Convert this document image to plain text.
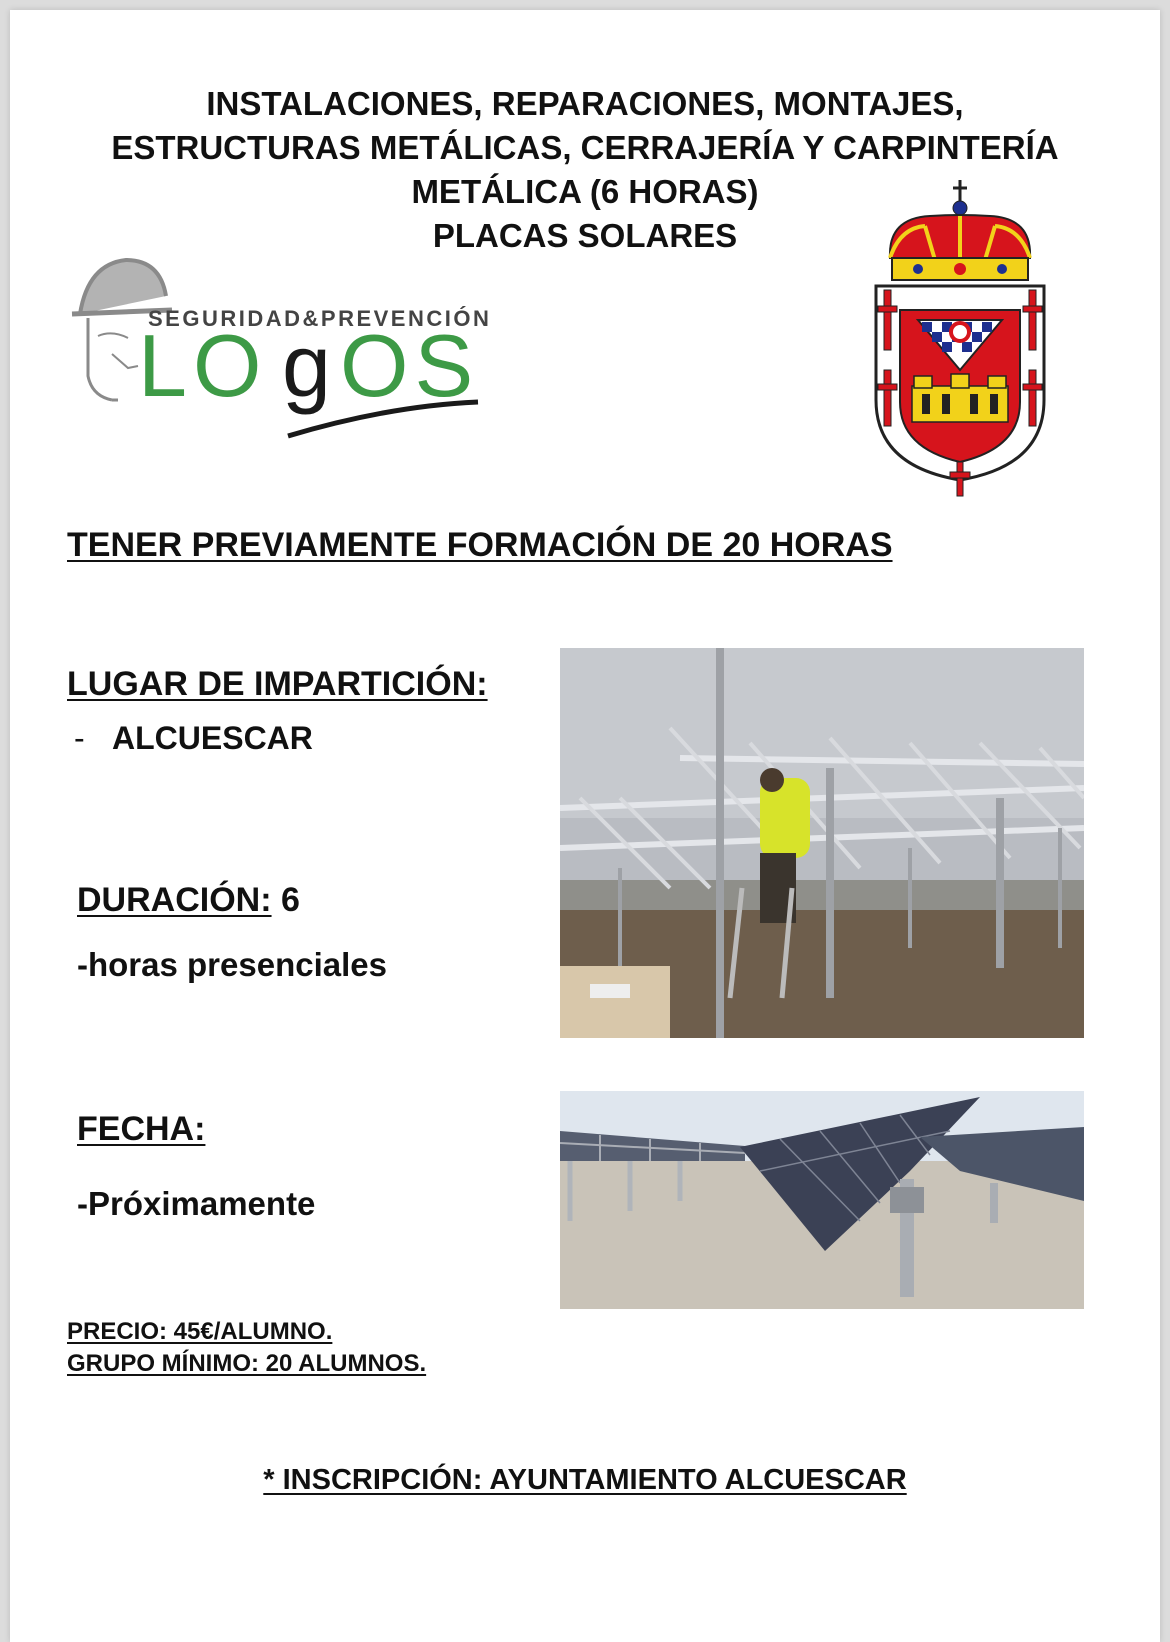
INSTALACIONES, REPARACIONES, MONTAJES,
ESTRUCTURAS METÁLICAS, CERRAJERÍA Y CARPINTERÍA
METÁLICA (6 HORAS)
PLACAS SOLARES
SEGURIDAD&PREVENCIÓN
LO g OS
TENER PREVIAMENTE FORMACIÓN DE 20 HORAS
LUGAR DE IMPARTICIÓN:
- ALCUESCAR
DURACIÓN: 6
-horas presenciales
FECHA:
-Próximamente
PRECIO: 45€/ALUMNO.
GRUPO MÍNIMO: 20 ALUMNOS.
* INSCRIPCIÓN: AYUNTAMIENTO ALCUESCAR
